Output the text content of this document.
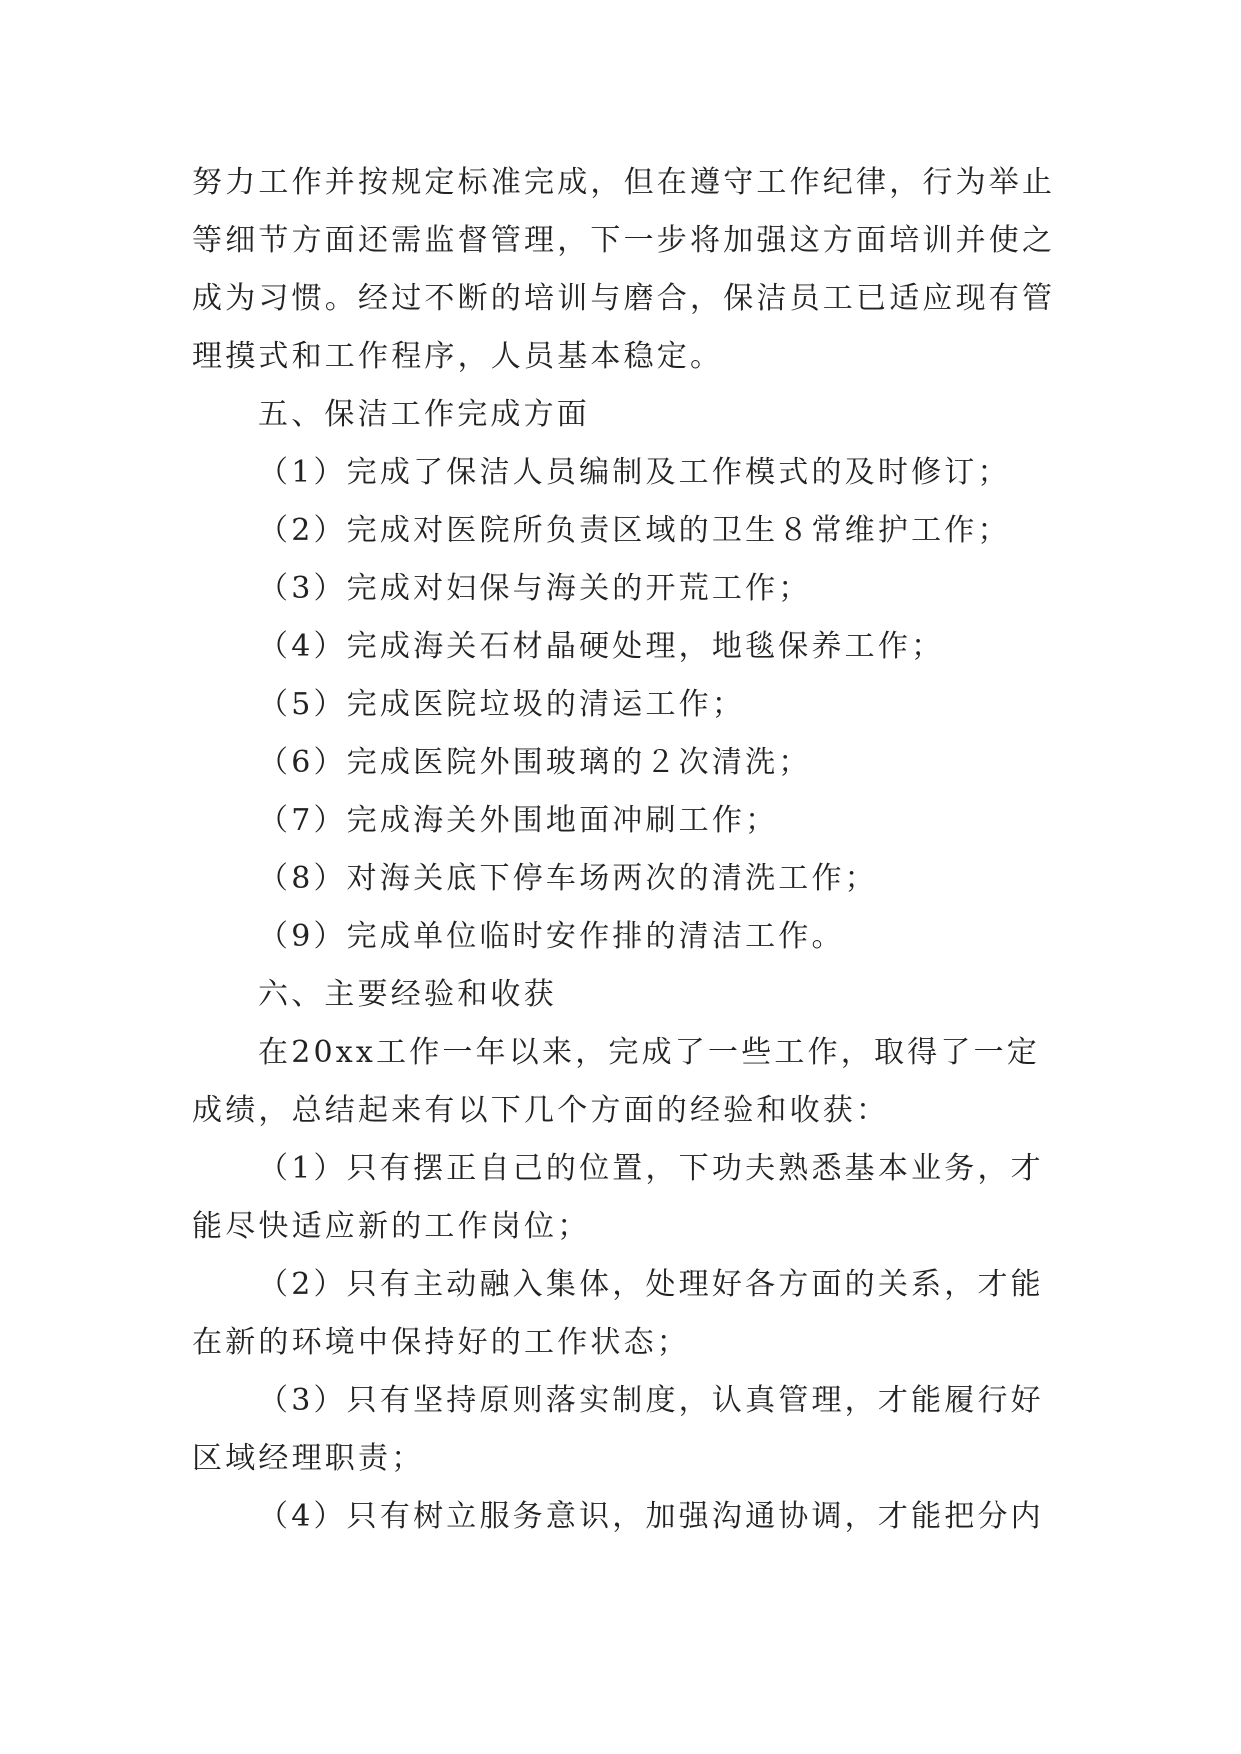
努力工作并按规定标准完成，但在遵守工作纪律，行为举止
等细节方面还需监督管理，下一步将加强这方面培训并使之
成为习惯。经过不断的培训与磨合，保洁员工已适应现有管
理摸式和工作程序，人员基本稳定。
五、保洁工作完成方面
（1）完成了保洁人员编制及工作模式的及时修订；
（2）完成对医院所负责区域的卫生８常维护工作；
（3）完成对妇保与海关的开荒工作；
（4）完成海关石材晶硬处理，地毯保养工作；
（5）完成医院垃圾的清运工作；
（6）完成医院外围玻璃的２次清洗；
（7）完成海关外围地面冲刷工作；
（8）对海关底下停车场两次的清洗工作；
（9）完成单位临时安作排的清洁工作。
六、主要经验和收获
在20xx工作一年以来，完成了一些工作，取得了一定
成绩，总结起来有以下几个方面的经验和收获：
（1）只有摆正自己的位置，下功夫熟悉基本业务，才
能尽快适应新的工作岗位；
（2）只有主动融入集体，处理好各方面的关系，才能
在新的环境中保持好的工作状态；
（3）只有坚持原则落实制度，认真管理，才能履行好
区域经理职责；
（4）只有树立服务意识，加强沟通协调，才能把分内
